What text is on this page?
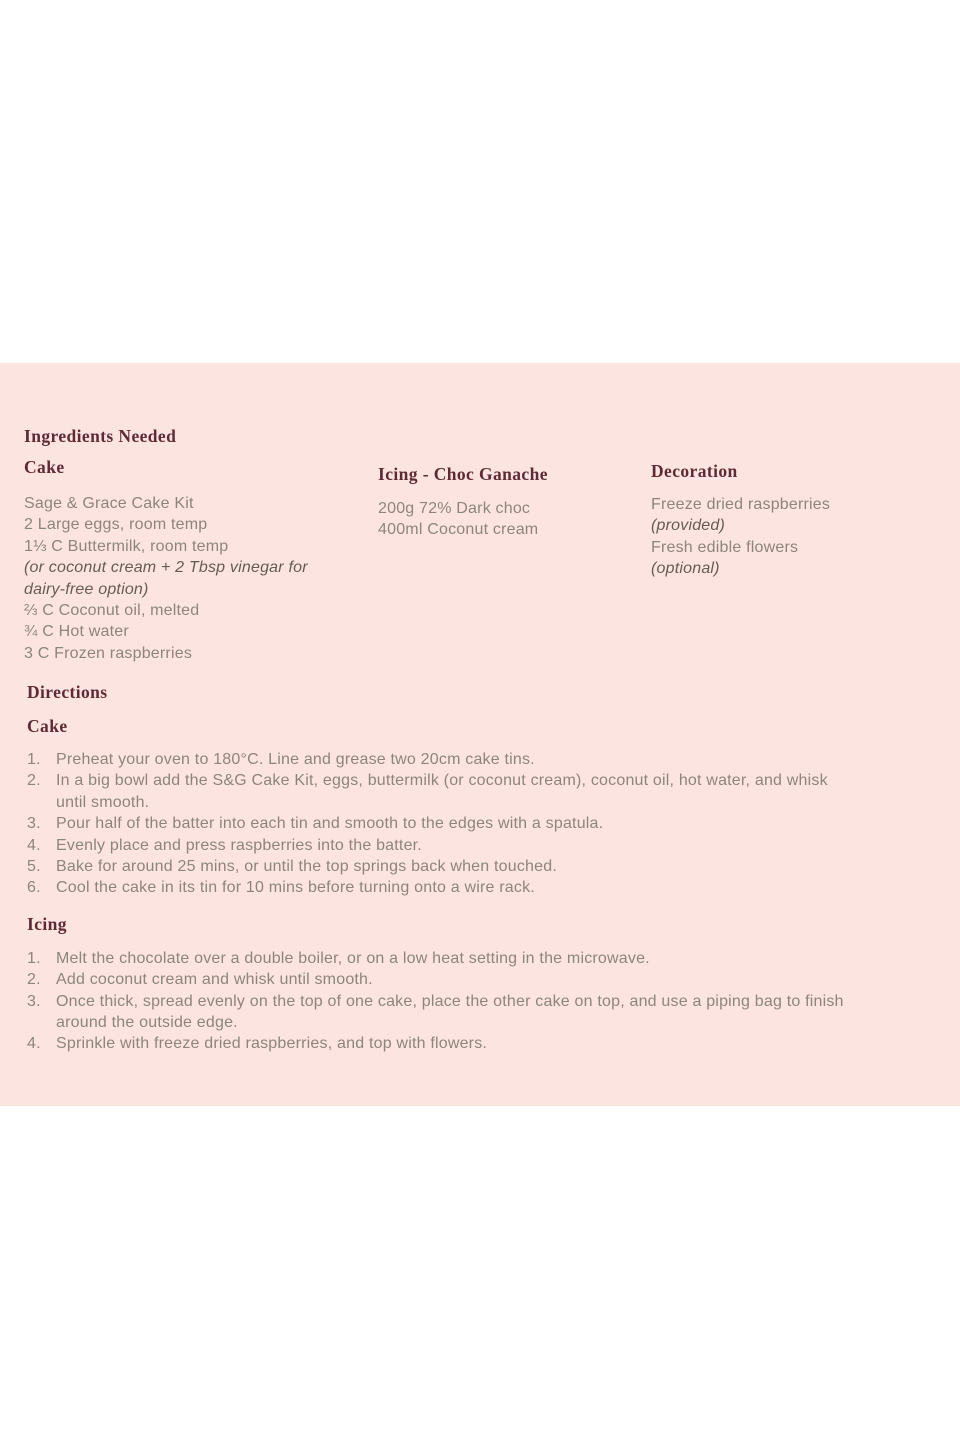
Ingredients Needed
Cake

Sage & Grace Cake Kit

2 Large eggs, room temp

1⅓ C Buttermilk, room temp

(or coconut cream + 2 Tbsp vinegar for

dairy-free option)

⅔ C Coconut oil, melted

¾ C Hot water

3 C Frozen raspberries

Icing - Choc Ganache

200g 72% Dark choc

400ml Coconut cream

Decoration

Freeze dried raspberries

(provided)

Fresh edible flowers

(optional)

Directions
Cake
1. Preheat your oven to 180°C. Line and grease two 20cm cake tins.
2. In a big bowl add the S&G Cake Kit, eggs, buttermilk (or coconut cream), coconut oil, hot water, and whisk
until smooth.
3. Pour half of the batter into each tin and smooth to the edges with a spatula.
4. Evenly place and press raspberries into the batter.
5. Bake for around 25 mins, or until the top springs back when touched.
6. Cool the cake in its tin for 10 mins before turning onto a wire rack.
Icing
1. Melt the chocolate over a double boiler, or on a low heat setting in the microwave.
2. Add coconut cream and whisk until smooth.
3. Once thick, spread evenly on the top of one cake, place the other cake on top, and use a piping bag to finish
around the outside edge.
4. Sprinkle with freeze dried raspberries, and top with flowers.
